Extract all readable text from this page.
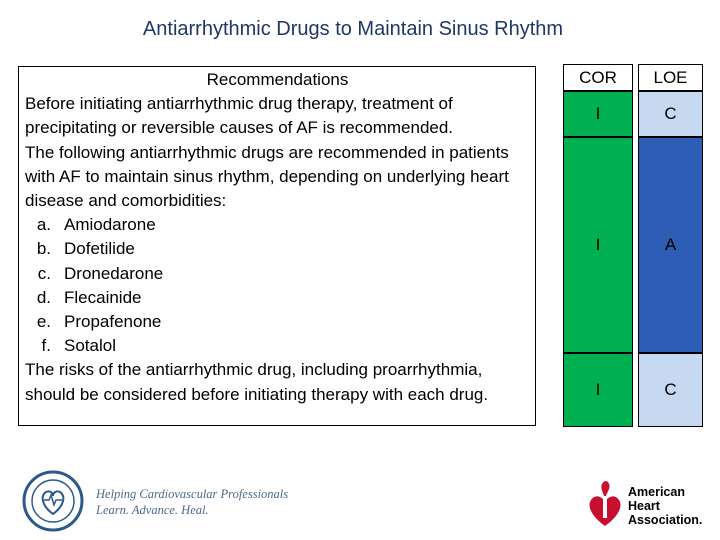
Antiarrhythmic Drugs to Maintain Sinus Rhythm
Recommendations
Before initiating antiarrhythmic drug therapy, treatment of precipitating or reversible causes of AF is recommended.
The following antiarrhythmic drugs are recommended in patients with AF to maintain sinus rhythm, depending on underlying heart disease and comorbidities:
a. Amiodarone
b. Dofetilide
c. Dronedarone
d. Flecainide
e. Propafenone
f. Sotalol
The risks of the antiarrhythmic drug, including proarrhythmia, should be considered before initiating therapy with each drug.
COR	LOE
I	C
I	A
I	C
Helping Cardiovascular Professionals
Learn. Advance. Heal.
American
Heart
Association.
